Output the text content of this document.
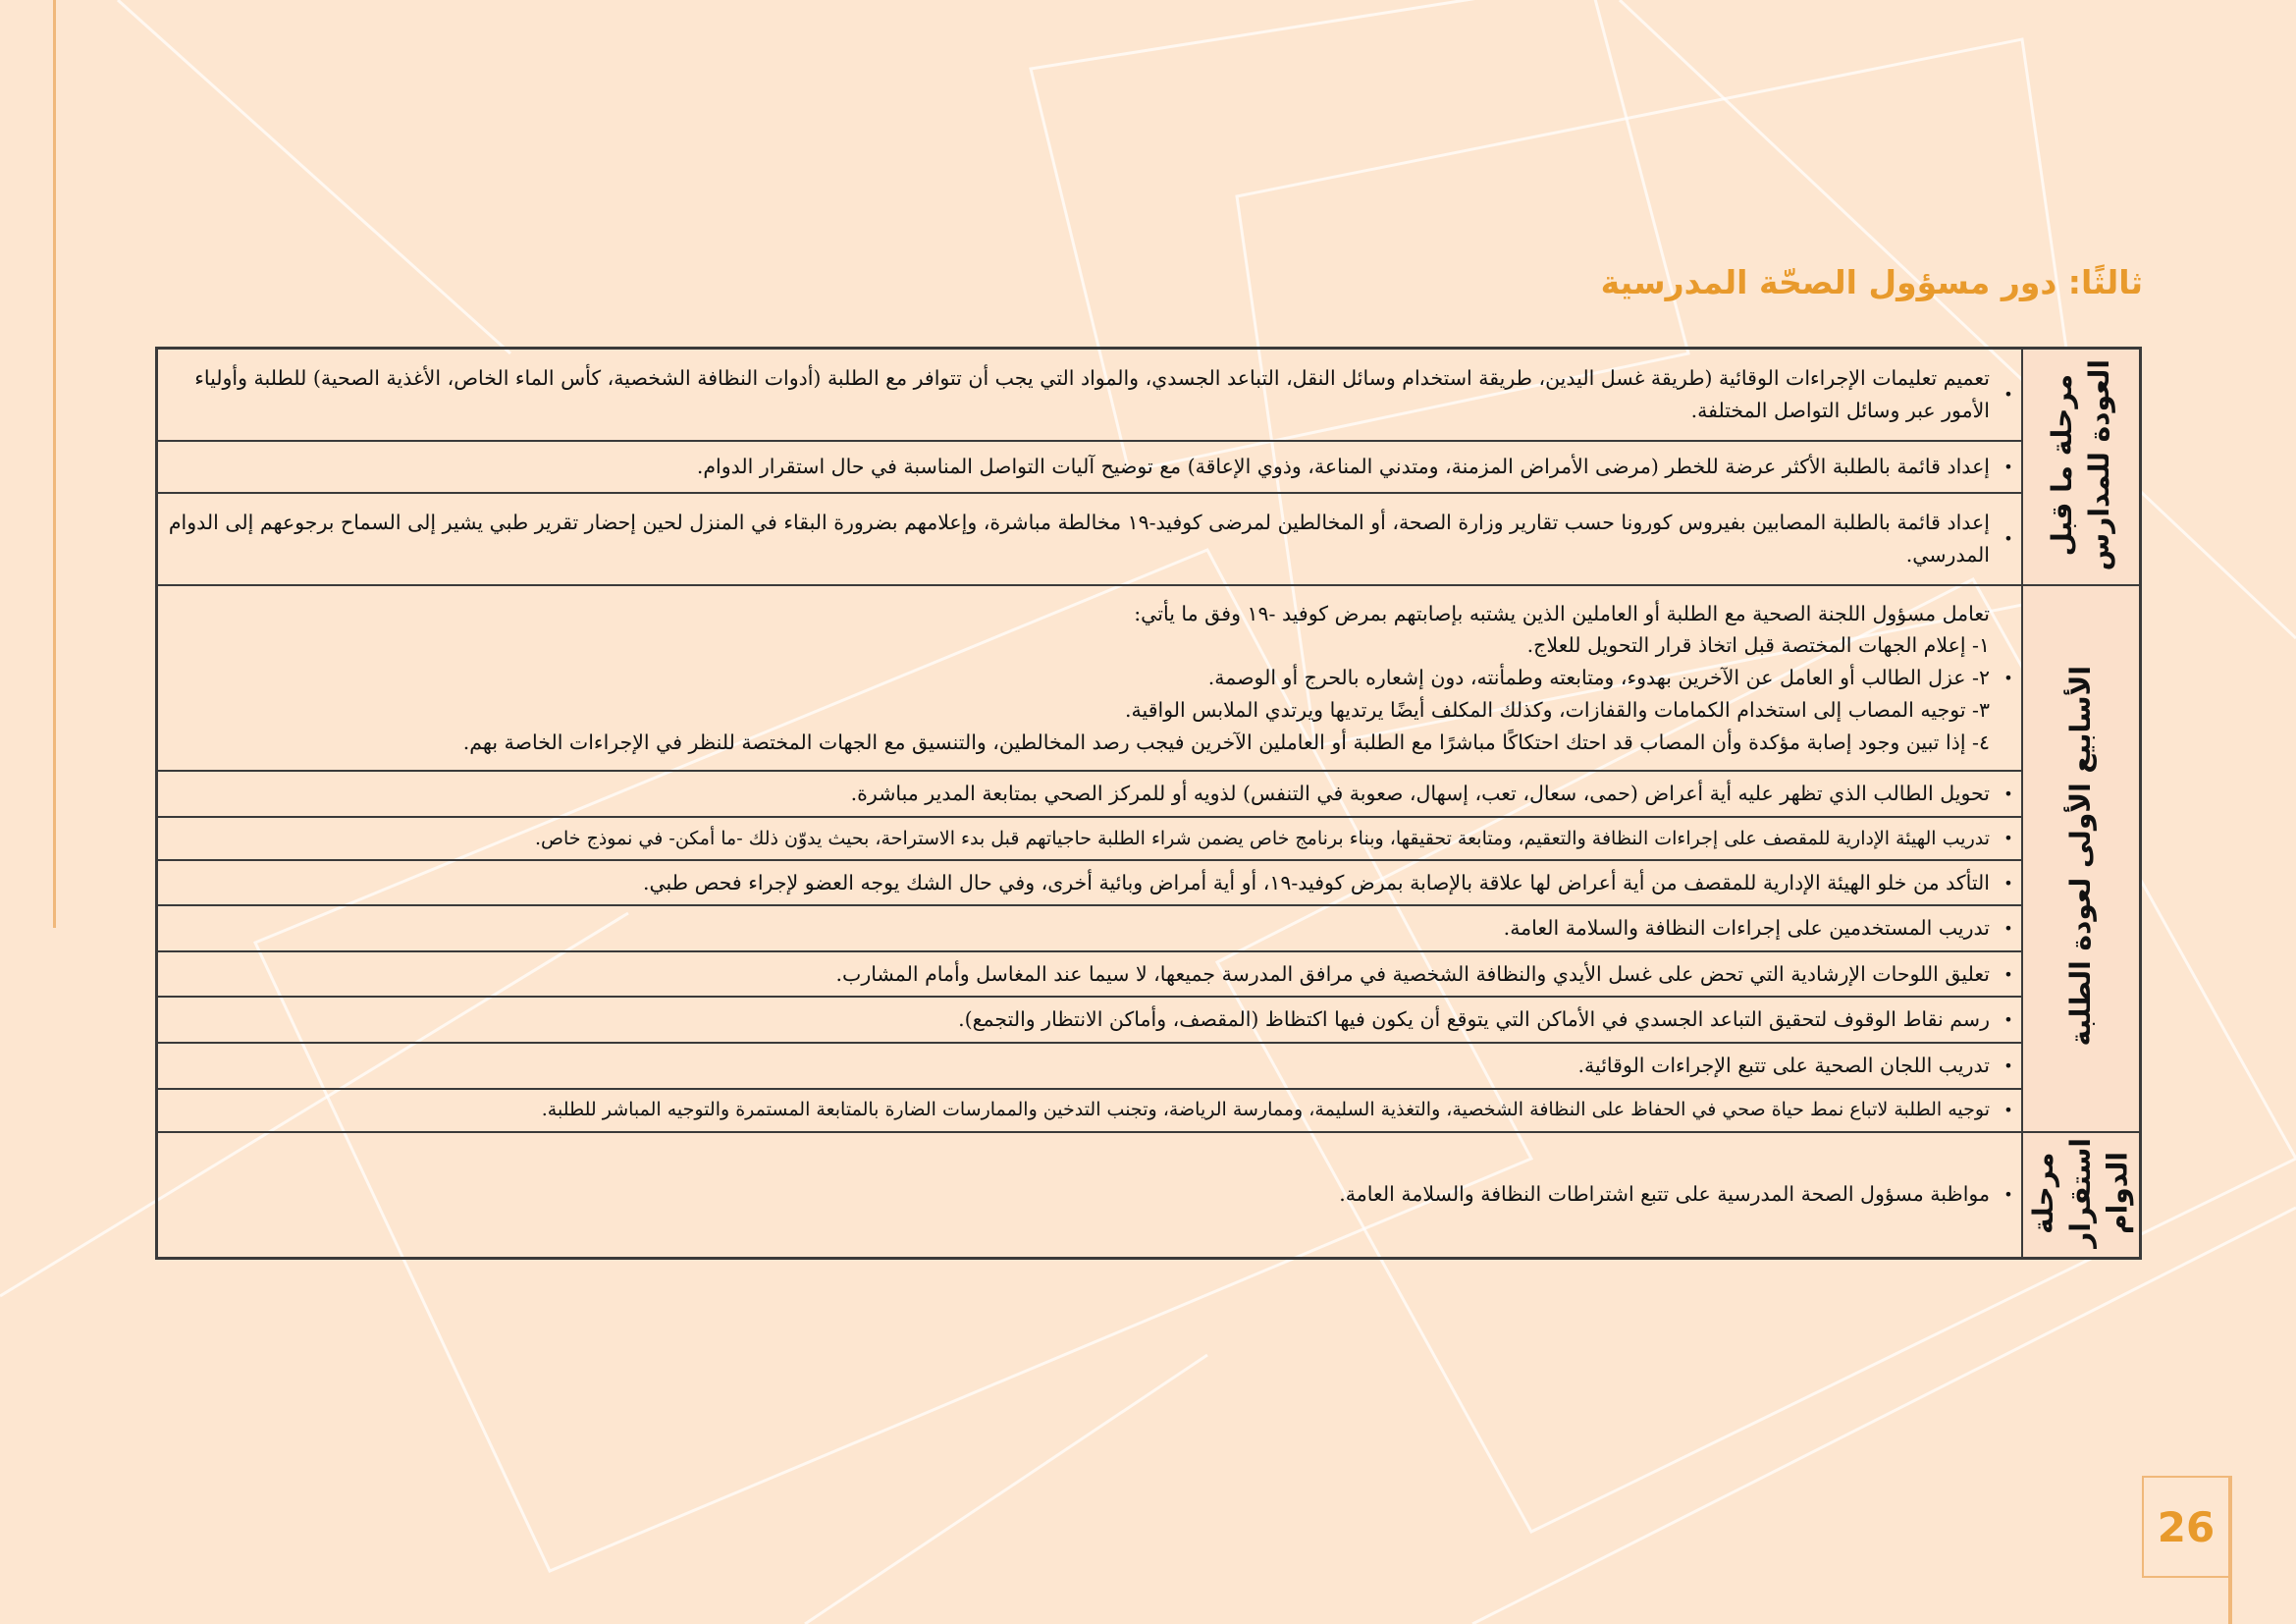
ثالثًا: دور مسؤول الصحّة المدرسية
مرحلة ما قبل
العودة للمدارس	•	تعميم تعليمات الإجراءات الوقائية (طريقة غسل اليدين، طريقة استخدام وسائل النقل، التباعد الجسدي، والمواد التي يجب أن تتوافر مع الطلبة (أدوات النظافة الشخصية، كأس الماء الخاص، الأغذية الصحية) للطلبة وأولياء الأمور عبر وسائل التواصل المختلفة.

	•	إعداد قائمة بالطلبة الأكثر عرضة للخطر (مرضى الأمراض المزمنة، ومتدني المناعة، وذوي الإعاقة) مع توضيح آليات التواصل المناسبة في حال استقرار الدوام.

	•	إعداد قائمة بالطلبة المصابين بفيروس كورونا حسب تقارير وزارة الصحة، أو المخالطين لمرضى كوفيد-١٩ مخالطة مباشرة، وإعلامهم بضرورة البقاء في المنزل لحين إحضار تقرير طبي يشير إلى السماح برجوعهم إلى الدوام المدرسي.

الأسابيع الأولى لعودة الطلبة	•	تعامل مسؤول اللجنة الصحية مع الطلبة أو العاملين الذين يشتبه بإصابتهم بمرض كوفيد -١٩ وفق ما يأتي:
١- إعلام الجهات المختصة قبل اتخاذ قرار التحويل للعلاج.
٢- عزل الطالب أو العامل عن الآخرين بهدوء، ومتابعته وطمأنته، دون إشعاره بالحرج أو الوصمة.
٣- توجيه المصاب إلى استخدام الكمامات والقفازات، وكذلك المكلف أيضًا يرتديها ويرتدي الملابس الواقية.
٤- إذا تبين وجود إصابة مؤكدة وأن المصاب قد احتك احتكاكًا مباشرًا مع الطلبة أو العاملين الآخرين فيجب رصد المخالطين، والتنسيق مع الجهات المختصة للنظر في الإجراءات الخاصة بهم.

	•	تحويل الطالب الذي تظهر عليه أية أعراض (حمى، سعال، تعب، إسهال، صعوبة في التنفس) لذويه أو للمركز الصحي بمتابعة المدير مباشرة.

	•	تدريب الهيئة الإدارية للمقصف على إجراءات النظافة والتعقيم، ومتابعة تحقيقها، وبناء برنامج خاص يضمن شراء الطلبة حاجياتهم قبل بدء الاستراحة، بحيث يدوّن ذلك -ما أمكن- في نموذج خاص.

	•	التأكد من خلو الهيئة الإدارية للمقصف من أية أعراض لها علاقة بالإصابة بمرض كوفيد-١٩، أو أية أمراض وبائية أخرى، وفي حال الشك يوجه العضو لإجراء فحص طبي.

	•	تدريب المستخدمين على إجراءات النظافة والسلامة العامة.

	•	تعليق اللوحات الإرشادية التي تحض على غسل الأيدي والنظافة الشخصية في مرافق المدرسة جميعها، لا سيما عند المغاسل وأمام المشارب.

	•	رسم نقاط الوقوف لتحقيق التباعد الجسدي في الأماكن التي يتوقع أن يكون فيها اكتظاظ (المقصف، وأماكن الانتظار والتجمع).

	•	تدريب اللجان الصحية على تتبع الإجراءات الوقائية.

	•	توجيه الطلبة لاتباع نمط حياة صحي في الحفاظ على النظافة الشخصية، والتغذية السليمة، وممارسة الرياضة، وتجنب التدخين والممارسات الضارة بالمتابعة المستمرة والتوجيه المباشر للطلبة.

مرحلة
استقرار
الدوام	•	مواظبة مسؤول الصحة المدرسية على تتبع اشتراطات النظافة والسلامة العامة.
26
